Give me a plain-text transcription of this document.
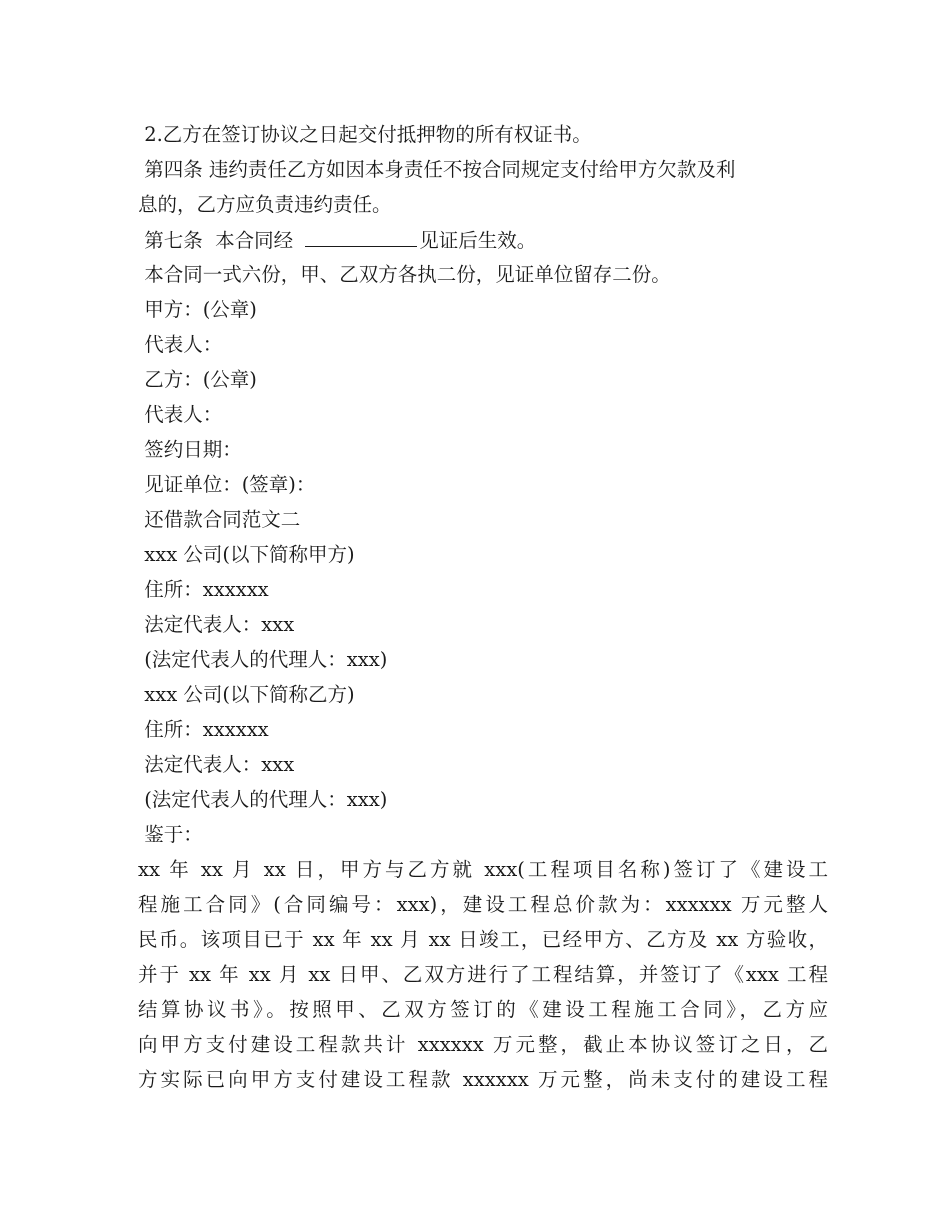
2.乙方在签订协议之日起交付抵押物的所有权证书。
第四条 违约责任乙方如因本身责任不按合同规定支付给甲方欠款及利
息的，乙方应负责违约责任。
第七条  本合同经	见证后生效。
本合同一式六份，甲、乙双方各执二份，见证单位留存二份。
甲方：(公章)
代表人：
乙方：(公章)
代表人：
签约日期：
见证单位：(签章)：
还借款合同范文二
xxx 公司(以下简称甲方)
住所：xxxxxx
法定代表人：xxx
(法定代表人的代理人：xxx)
xxx 公司(以下简称乙方)
住所：xxxxxx
法定代表人：xxx
(法定代表人的代理人：xxx)
鉴于：
xx 年 xx 月 xx 日，甲方与乙方就 xxx(工程项目名称)签订了《建设工
程施工合同》(合同编号：xxx)，建设工程总价款为：xxxxxx 万元整人
民币。该项目已于 xx 年 xx 月 xx 日竣工，已经甲方、乙方及 xx 方验收，
并于 xx 年 xx 月 xx 日甲、乙双方进行了工程结算，并签订了《xxx 工程
结算协议书》。按照甲、乙双方签订的《建设工程施工合同》，乙方应
向甲方支付建设工程款共计 xxxxxx 万元整，截止本协议签订之日，乙
方实际已向甲方支付建设工程款 xxxxxx 万元整，尚未支付的建设工程
